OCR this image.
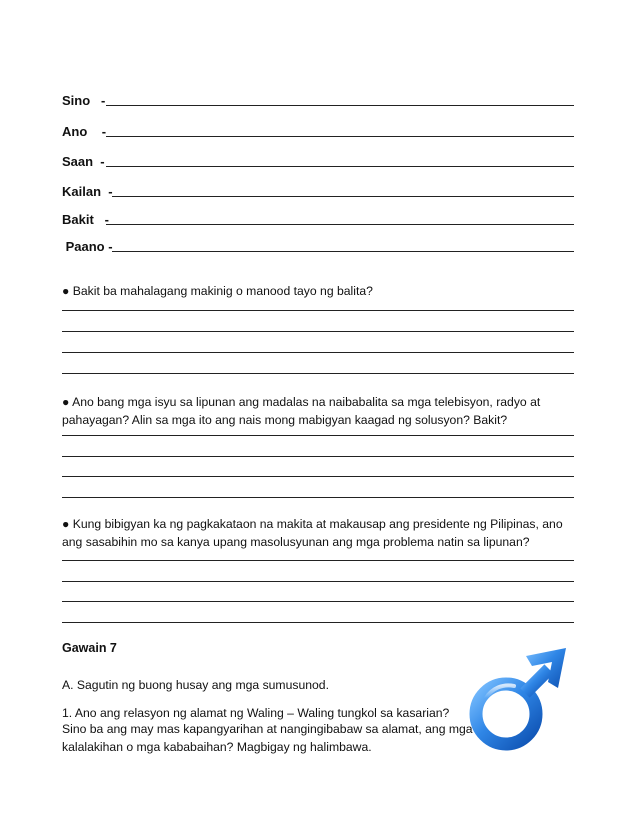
Sino   -
Ano    -
Saan  -
Kailan  -
Bakit   -
Paano -

● Bakit ba mahalagang makinig o manood tayo ng balita?

● Ano bang mga isyu sa lipunan ang madalas na naibabalita sa mga telebisyon, radyo at pahayagan? Alin sa mga ito ang nais mong mabigyan kaagad ng solusyon? Bakit?

● Kung bibigyan ka ng pagkakataon na makita at makausap ang presidente ng Pilipinas, ano ang sasabihin mo sa kanya upang masolusyunan ang mga problema natin sa lipunan?

Gawain 7

A. Sagutin ng buong husay ang mga sumusunod.

1. Ano ang relasyon ng alamat ng Waling – Waling tungkol sa kasarian?

Sino ba ang may mas kapangyarihan at nangingibabaw sa alamat, ang mga

kalalakihan o mga kababaihan? Magbigay ng halimbawa.
